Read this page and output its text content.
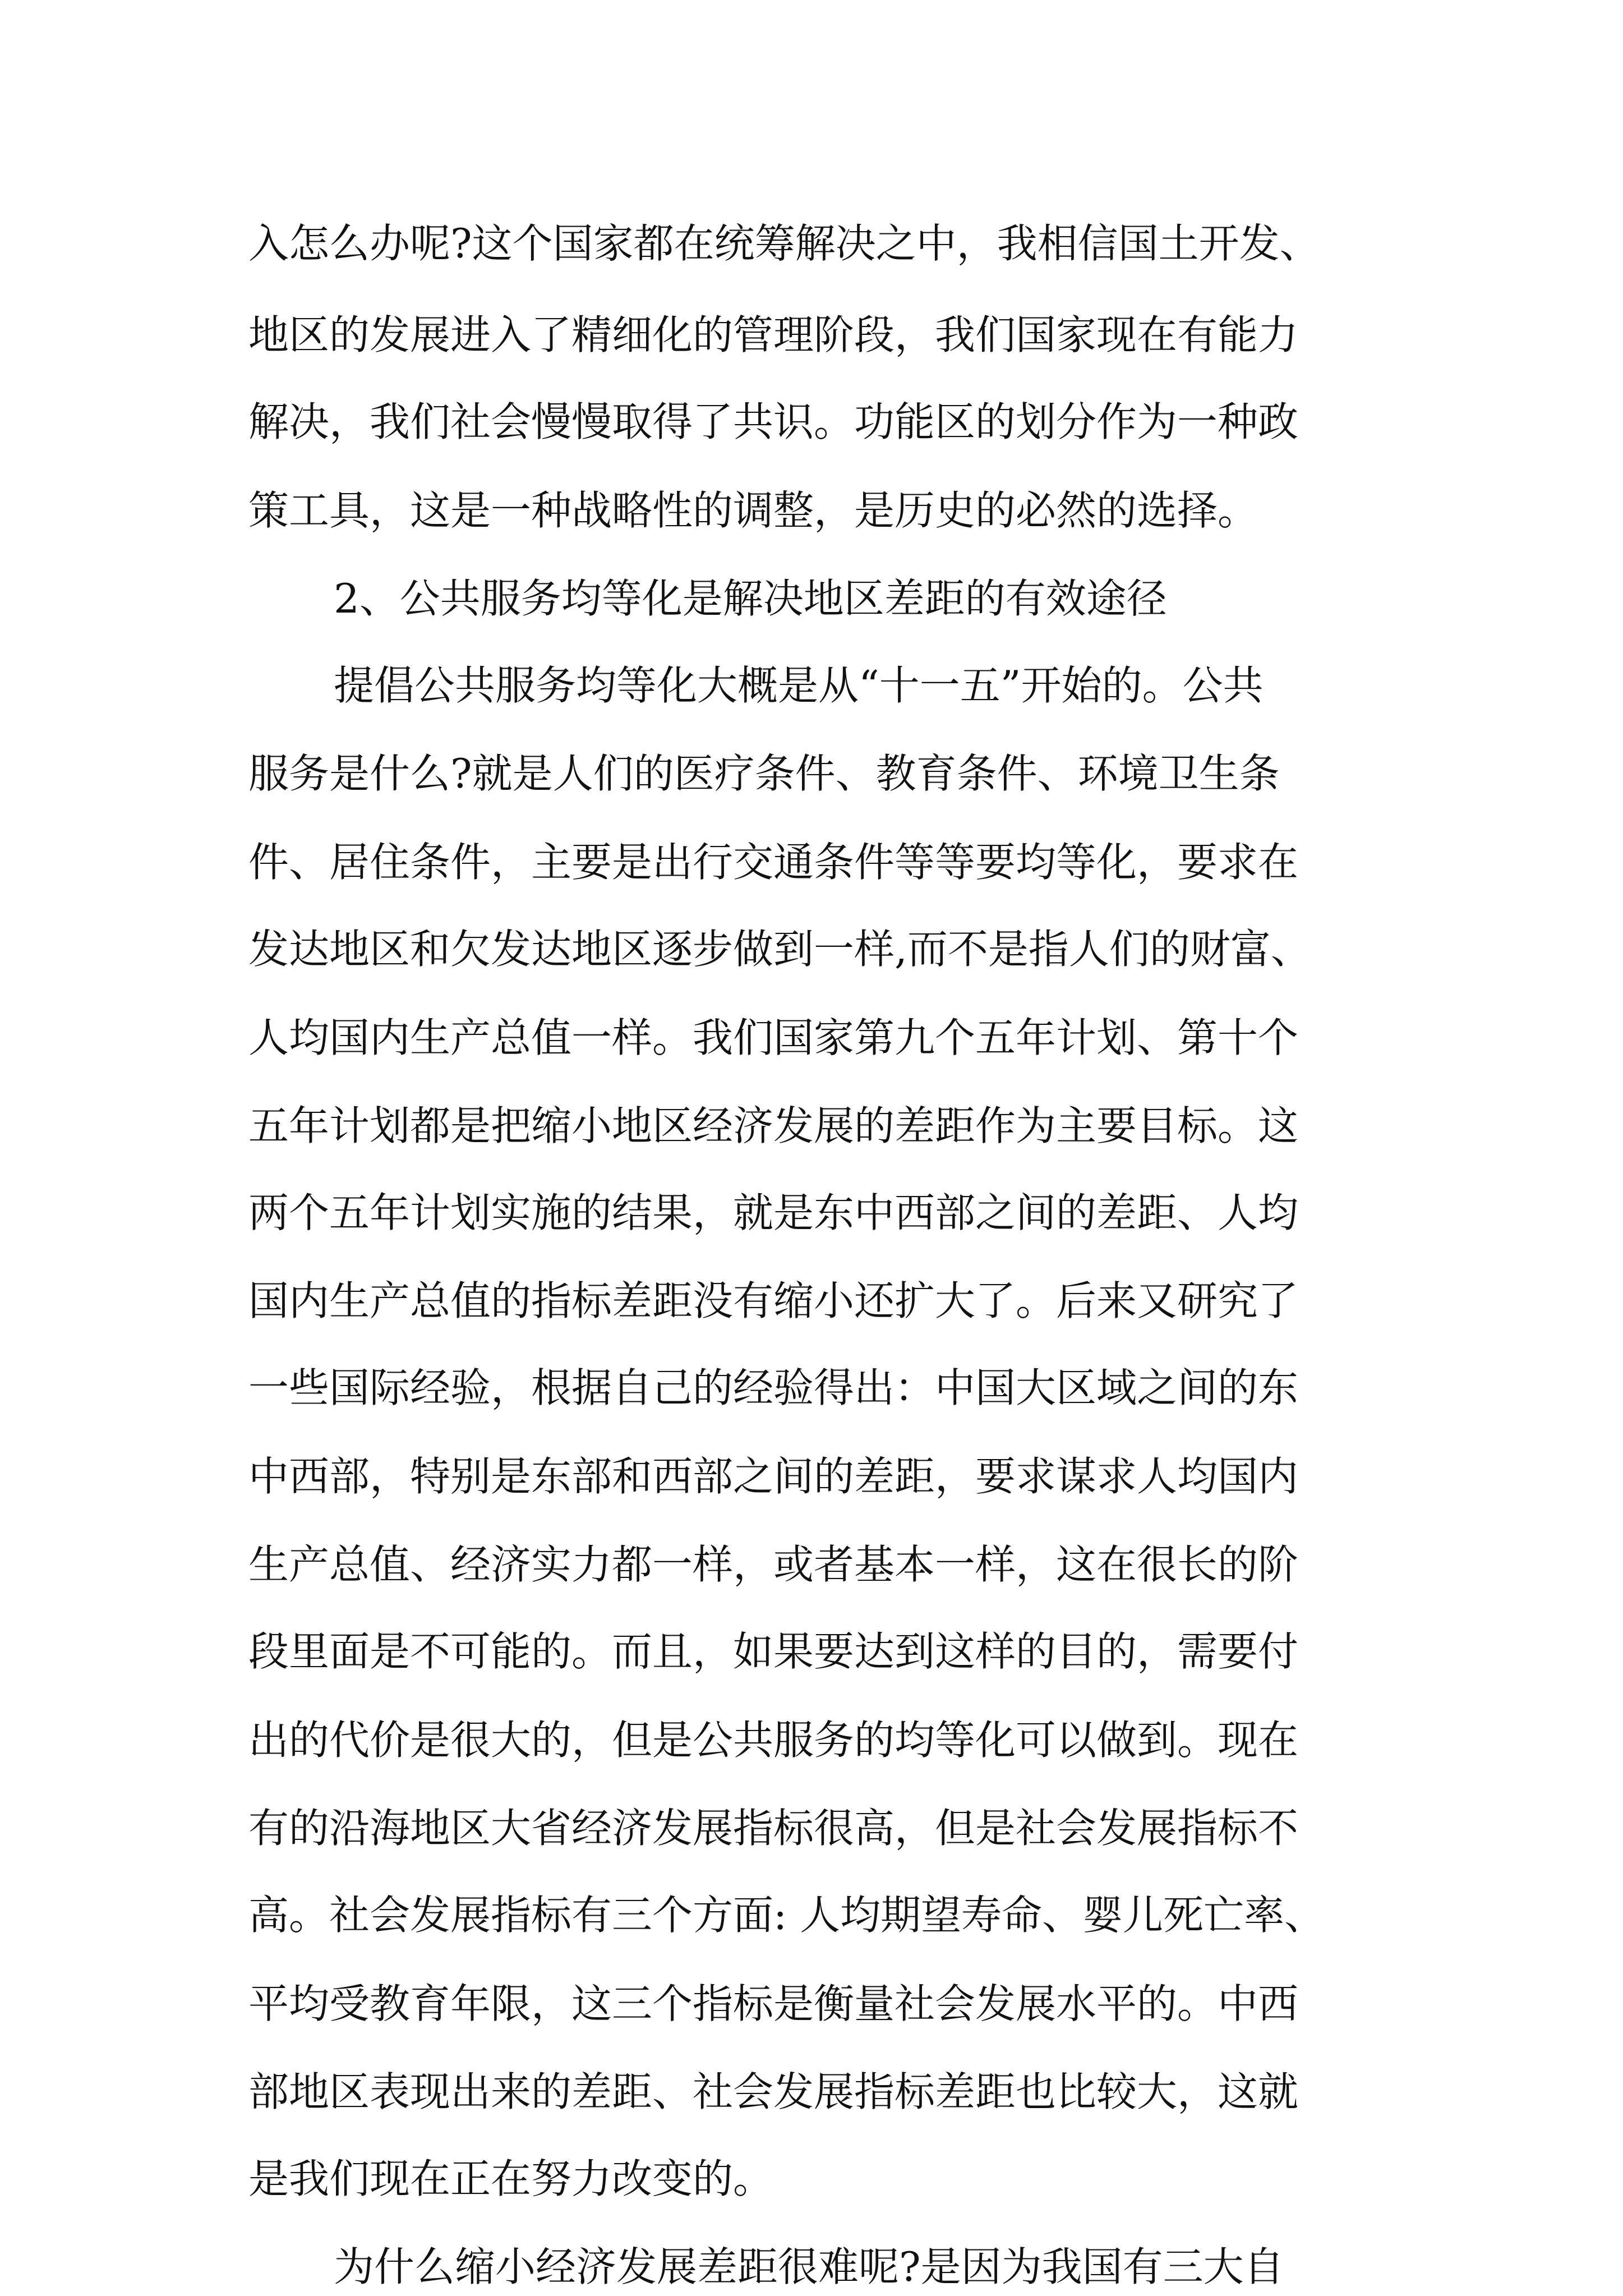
入怎么办呢?这个国家都在统筹解决之中，我相信国土开发、
地区的发展进入了精细化的管理阶段，我们国家现在有能力
解决，我们社会慢慢取得了共识。功能区的划分作为一种政
策工具，这是一种战略性的调整，是历史的必然的选择。
2、公共服务均等化是解决地区差距的有效途径
提倡公共服务均等化大概是从“十一五”开始的。公共
服务是什么?就是人们的医疗条件、教育条件、环境卫生条
件、居住条件，主要是出行交通条件等等要均等化，要求在
发达地区和欠发达地区逐步做到一样,而不是指人们的财富、
人均国内生产总值一样。我们国家第九个五年计划、第十个
五年计划都是把缩小地区经济发展的差距作为主要目标。这
两个五年计划实施的结果，就是东中西部之间的差距、人均
国内生产总值的指标差距没有缩小还扩大了。后来又研究了
一些国际经验，根据自己的经验得出：中国大区域之间的东
中西部，特别是东部和西部之间的差距，要求谋求人均国内
生产总值、经济实力都一样，或者基本一样，这在很长的阶
段里面是不可能的。而且，如果要达到这样的目的，需要付
出的代价是很大的，但是公共服务的均等化可以做到。现在
有的沿海地区大省经济发展指标很高，但是社会发展指标不
高。社会发展指标有三个方面: 人均期望寿命、婴儿死亡率、
平均受教育年限，这三个指标是衡量社会发展水平的。中西
部地区表现出来的差距、社会发展指标差距也比较大，这就
是我们现在正在努力改变的。
为什么缩小经济发展差距很难呢?是因为我国有三大自
